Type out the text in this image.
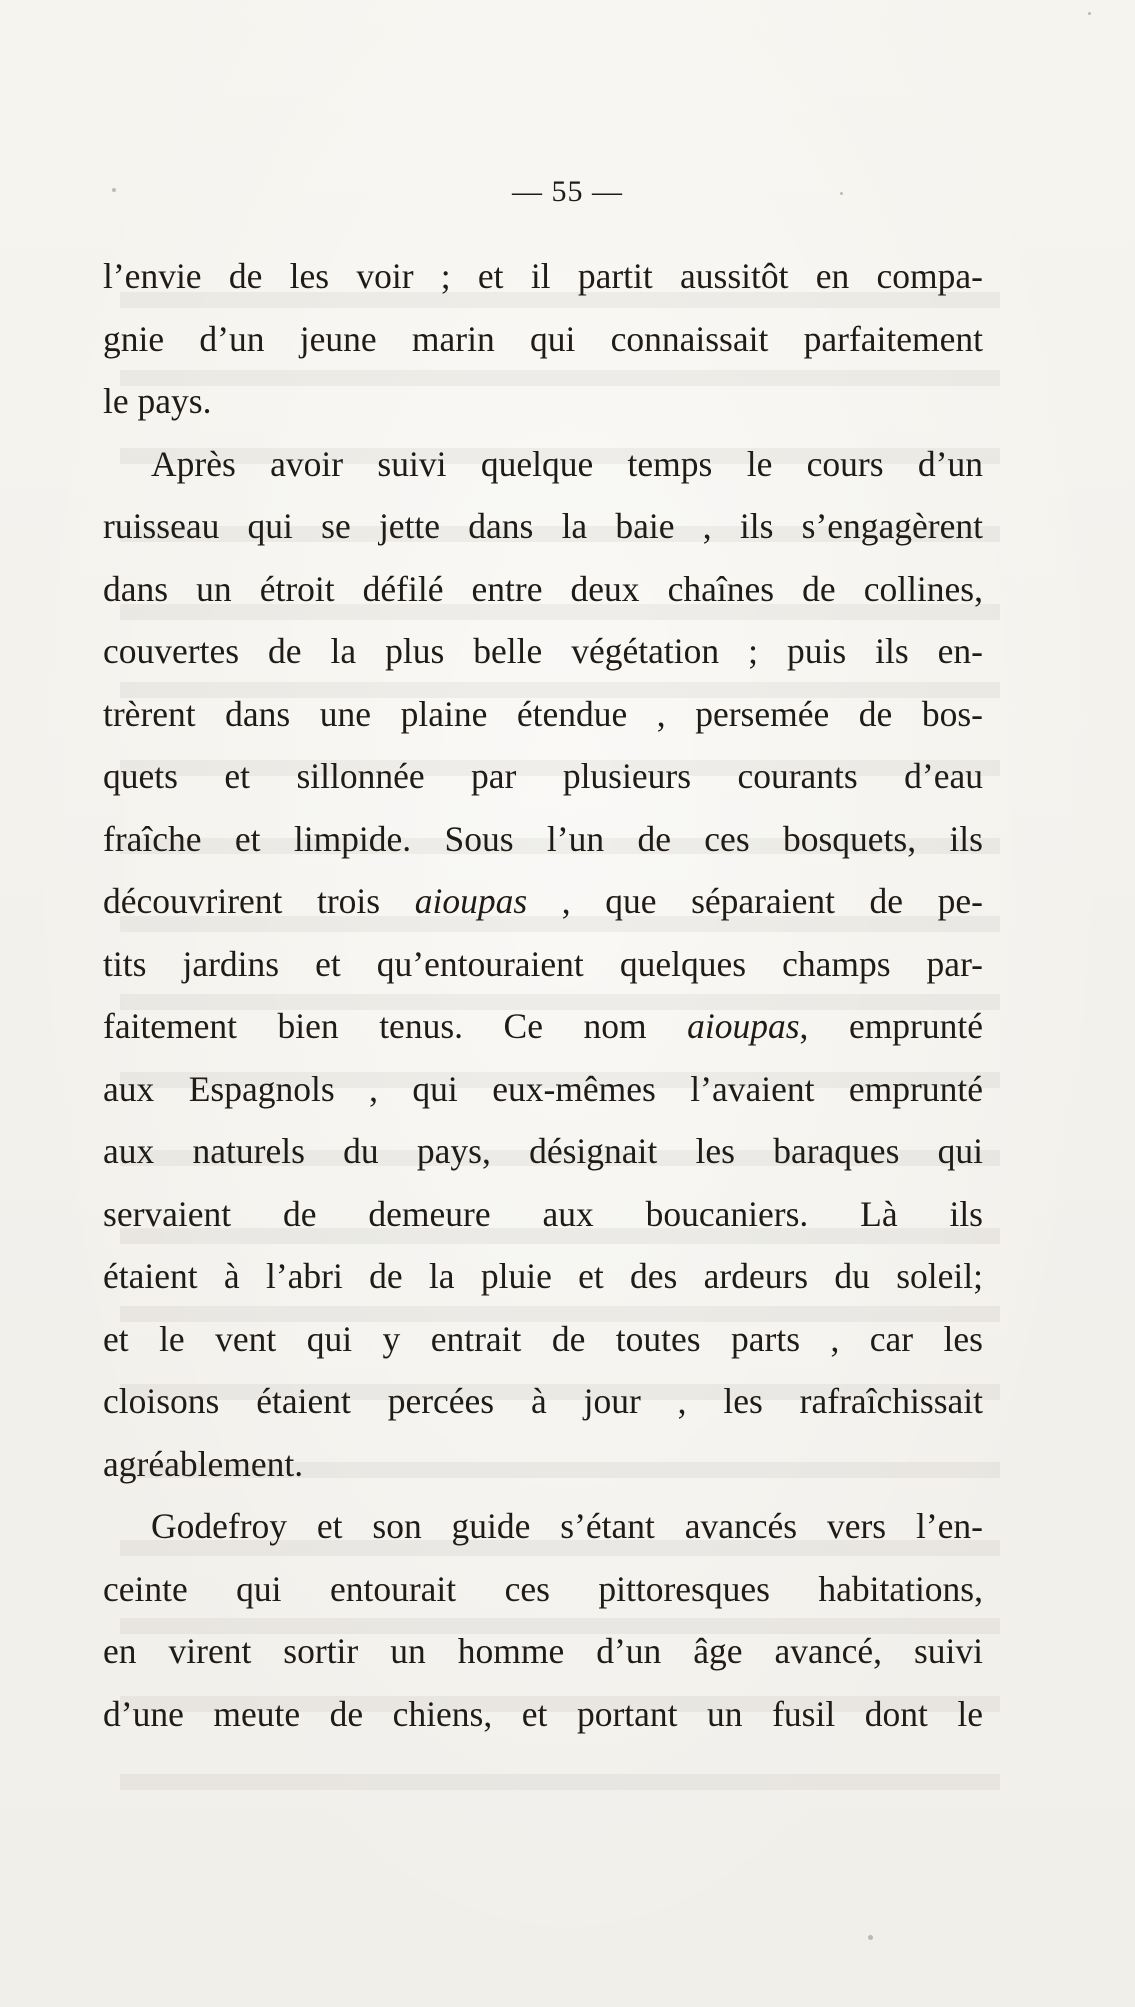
— 55 —
l’envie de les voir ; et il partit aussitôt en compa-
gnie d’un jeune marin qui connaissait parfaitement
le pays.
Après avoir suivi quelque temps le cours d’un
ruisseau qui se jette dans la baie , ils s’engagèrent
dans un étroit défilé entre deux chaînes de collines,
couvertes de la plus belle végétation ; puis ils en-
trèrent dans une plaine étendue , persemée de bos-
quets et sillonnée par plusieurs courants d’eau
fraîche et limpide. Sous l’un de ces bosquets, ils
découvrirent trois aioupas , que séparaient de pe-
tits jardins et qu’entouraient quelques champs par-
faitement bien tenus. Ce nom aioupas, emprunté
aux Espagnols , qui eux-mêmes l’avaient emprunté
aux naturels du pays, désignait les baraques qui
servaient de demeure aux boucaniers. Là ils
étaient à l’abri de la pluie et des ardeurs du soleil;
et le vent qui y entrait de toutes parts , car les
cloisons étaient percées à jour , les rafraîchissait
agréablement.
Godefroy et son guide s’étant avancés vers l’en-
ceinte qui entourait ces pittoresques habitations,
en virent sortir un homme d’un âge avancé, suivi
d’une meute de chiens, et portant un fusil dont le
